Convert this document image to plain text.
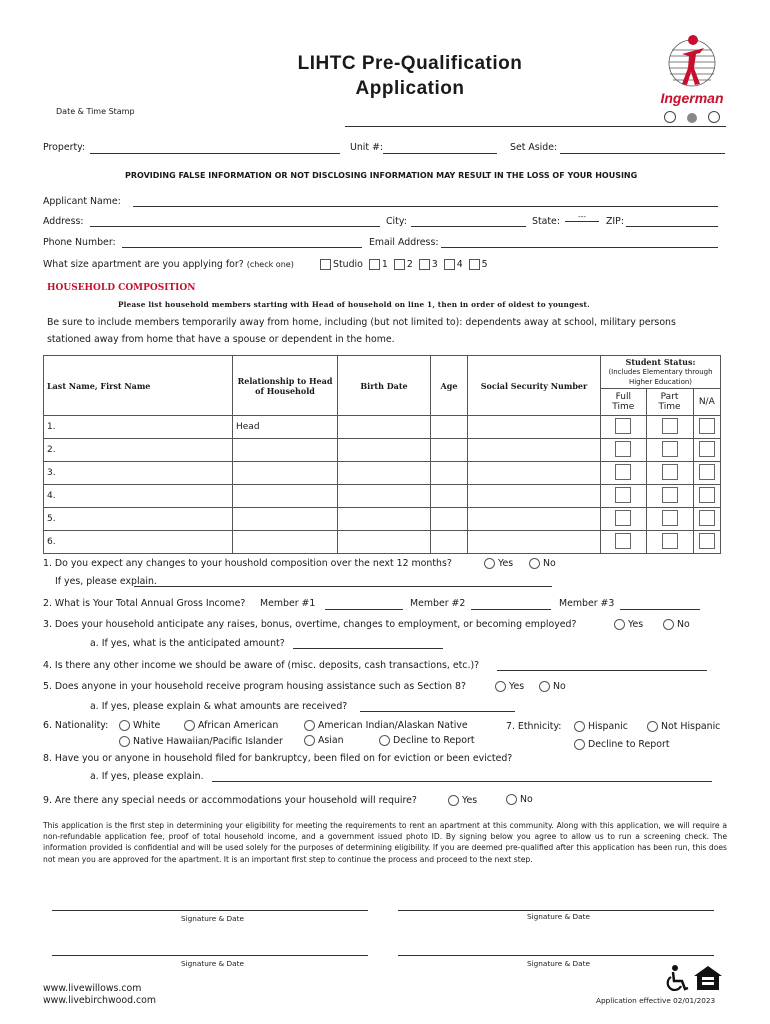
LIHTC Pre-Qualification
Application	Ingerman

Date & Time Stamp
Property:	Unit #:	Set Aside:
PROVIDING FALSE INFORMATION OR NOT DISCLOSING INFORMATION MAY RESULT IN THE LOSS OF YOUR HOUSING
Applicant Name:
Address:	City:	State:	---	ZIP:
Phone Number:	Email Address:
What size apartment are you applying for? (check one)	Studio 1 2 3 4 5
HOUSEHOLD COMPOSITION
Please list household members starting with Head of household on line 1, then in order of oldest to youngest.
Be sure to include members temporarily away from home, including (but not limited to): dependents away at school, military persons
stationed away from home that have a spouse or dependent in the home.
Last Name, First Name	Relationship to Head of Household	Birth Date	Age	Social Security Number	Student Status:
(Includes Elementary through Higher Education)		

					Full Time	Part Time	N/A
1.	Head						
2.							
3.							
4.							
5.							
6.							
1. Do you expect any changes to your houshold composition over the next 12 months?	Yes	No
If yes, please explain.
2. What is Your Total Annual Gross Income? Member #1	Member #2	Member #3
3. Does your household anticipate any raises, bonus, overtime, changes to employment, or becoming employed?	Yes	No
a. If yes, what is the anticipated amount?
4. Is there any other income we should be aware of (misc. deposits, cash transactions, etc.)?
5. Does anyone in your household receive program housing assistance such as Section 8?	Yes	No
a. If yes, please explain & what amounts are received?
6. Nationality:	White	African American	American Indian/Alaskan Native
Native Hawaiian/Pacific Islander	Asian	Decline to Report
7. Ethnicity:	Hispanic	Not Hispanic
Decline to Report
8. Have you or anyone in household filed for bankruptcy, been filed on for eviction or been evicted?
a. If yes, please explain.
9. Are there any special needs or accommodations your household will require?	Yes	No
This application is the first step in determining your eligibility for meeting the requirements to rent an apartment at this community. Along with this application, we will require a non-refundable application fee, proof of total household income, and a government issued photo ID. By signing below you agree to allow us to run a screening check. The information provided is confidential and will be used solely for the purposes of determining eligibility. If you are deemed pre-qualified after this application has been run, this does not mean you are approved for the apartment. It is an important first step to continue the process and proceed to the next step.
Signature & Date	Signature & Date
Signature & Date	Signature & Date
www.livewillows.com
www.livebirchwood.com	Application effective 02/01/2023
